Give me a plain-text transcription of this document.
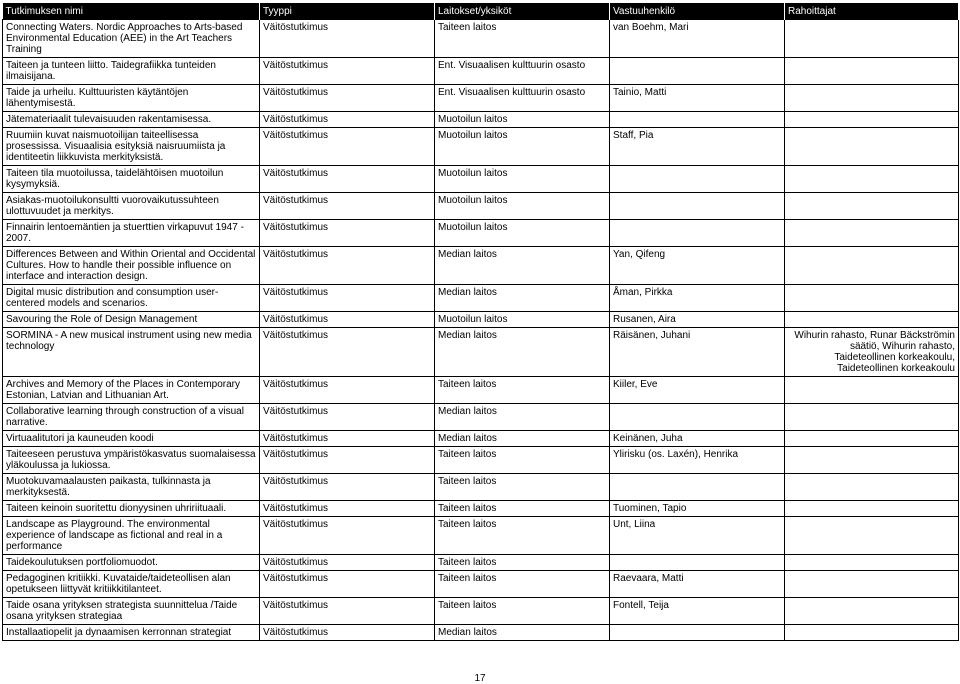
Tutkimuksen nimi	Tyyppi	Laitokset/yksiköt	Vastuuhenkilö	Rahoittajat
Connecting Waters. Nordic Approaches to Arts-based Environmental Education (AEE) in the Art Teachers Training	Väitöstutkimus	Taiteen laitos	van Boehm, Mari	
Taiteen ja tunteen liitto. Taidegrafiikka tunteiden ilmaisijana.	Väitöstutkimus	Ent. Visuaalisen kulttuurin osasto		
Taide ja urheilu. Kulttuuristen käytäntöjen lähentymisestä.	Väitöstutkimus	Ent. Visuaalisen kulttuurin osasto	Tainio, Matti	
Jätemateriaalit tulevaisuuden rakentamisessa.	Väitöstutkimus	Muotoilun laitos		
Ruumiin kuvat naismuotoilijan taiteellisessa prosessissa. Visuaalisia esityksiä naisruumiista ja identiteetin liikkuvista merkityksistä.	Väitöstutkimus	Muotoilun laitos	Staff, Pia	
Taiteen tila muotoilussa, taidelähtöisen muotoilun kysymyksiä.	Väitöstutkimus	Muotoilun laitos		
Asiakas-muotoilukonsultti vuorovaikutussuhteen ulottuvuudet ja merkitys.	Väitöstutkimus	Muotoilun laitos		
Finnairin lentoemäntien ja stuerttien virkapuvut 1947 - 2007.	Väitöstutkimus	Muotoilun laitos		
Differences Between and Within Oriental and Occidental Cultures. How to handle their possible influence on interface and interaction design.	Väitöstutkimus	Median laitos	Yan, Qifeng	
Digital music distribution and consumption user-centered models and scenarios.	Väitöstutkimus	Median laitos	Åman, Pirkka	
Savouring the Role of Design Management	Väitöstutkimus	Muotoilun laitos	Rusanen, Aira	
SORMINA - A new musical instrument using new media technology	Väitöstutkimus	Median laitos	Räisänen, Juhani	Wihurin rahasto, Runar Bäckströmin säätiö, Wihurin rahasto, Taideteollinen korkeakoulu, Taideteollinen korkeakoulu
Archives and Memory of the Places in Contemporary Estonian, Latvian and Lithuanian Art.	Väitöstutkimus	Taiteen laitos	Kiiler, Eve	
Collaborative learning through construction of a visual narrative.	Väitöstutkimus	Median laitos		
Virtuaalitutori ja kauneuden koodi	Väitöstutkimus	Median laitos	Keinänen, Juha	
Taiteeseen perustuva ympäristökasvatus suomalaisessa yläkoulussa ja lukiossa.	Väitöstutkimus	Taiteen laitos	Ylirisku (os. Laxén), Henrika	
Muotokuvamaalausten paikasta, tulkinnasta ja merkityksestä.	Väitöstutkimus	Taiteen laitos		
Taiteen keinoin suoritettu dionyysinen uhririituaali.	Väitöstutkimus	Taiteen laitos	Tuominen, Tapio	
Landscape as Playground. The environmental experience of landscape as fictional and real in a performance	Väitöstutkimus	Taiteen laitos	Unt, Liina	
Taidekoulutuksen portfoliomuodot.	Väitöstutkimus	Taiteen laitos		
Pedagoginen kritiikki. Kuvataide/taideteollisen alan opetukseen liittyvät kritiikkitilanteet.	Väitöstutkimus	Taiteen laitos	Raevaara, Matti	
Taide osana yrityksen strategista suunnittelua /Taide osana yrityksen strategiaa	Väitöstutkimus	Taiteen laitos	Fontell, Teija	
Installaatiopelit ja dynaamisen kerronnan strategiat	Väitöstutkimus	Median laitos		
17
